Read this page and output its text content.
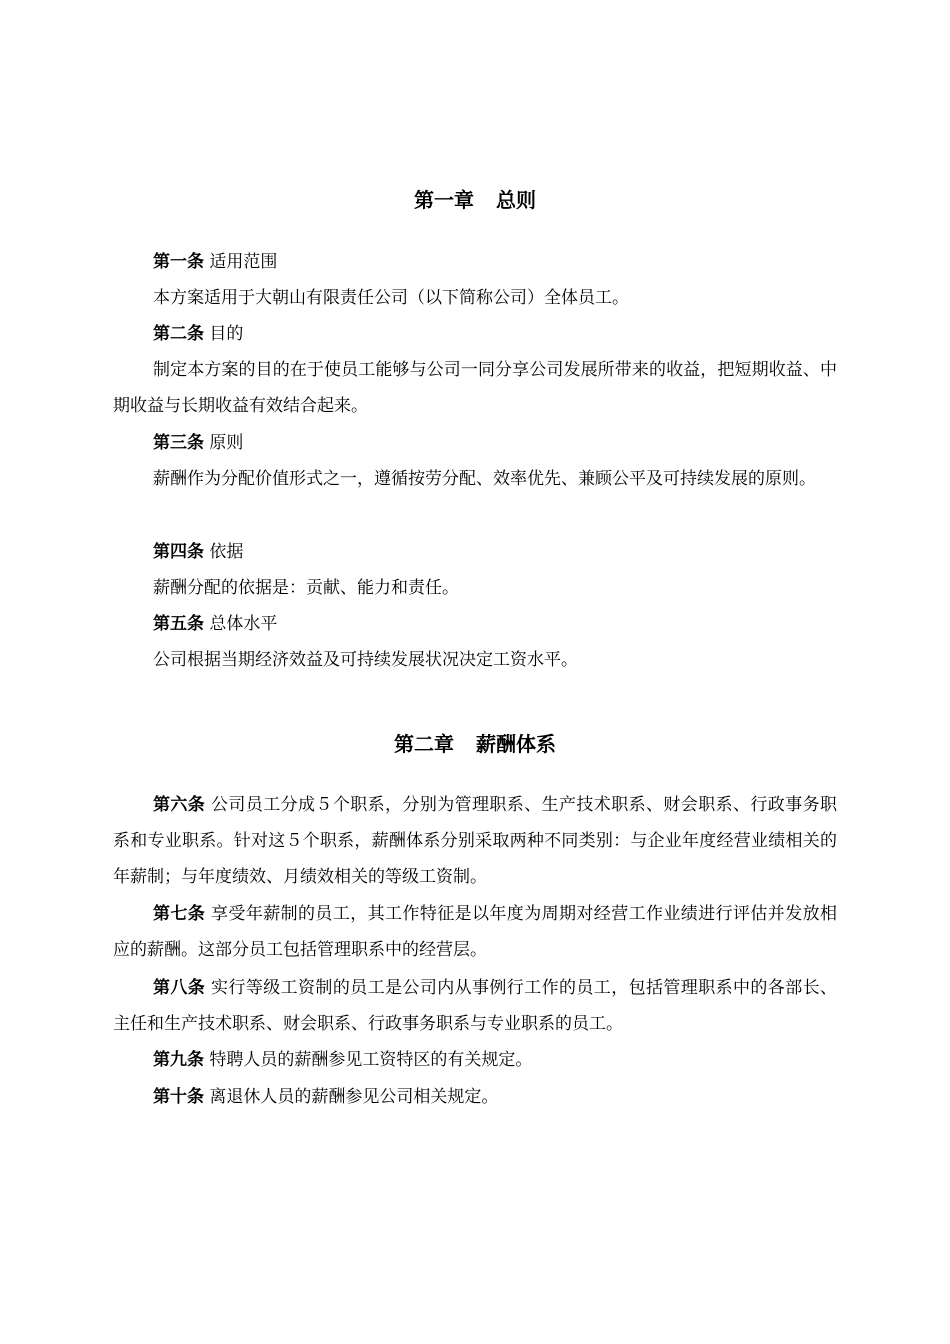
第一章 总则
第一条 适用范围
本方案适用于大朝山有限责任公司（以下简称公司）全体员工。
第二条 目的
制定本方案的目的在于使员工能够与公司一同分享公司发展所带来的收益，把短期收益、中期收益与长期收益有效结合起来。
第三条 原则
薪酬作为分配价值形式之一，遵循按劳分配、效率优先、兼顾公平及可持续发展的原则。
第四条 依据
薪酬分配的依据是：贡献、能力和责任。
第五条 总体水平
公司根据当期经济效益及可持续发展状况决定工资水平。
第二章 薪酬体系
第六条 公司员工分成５个职系，分别为管理职系、生产技术职系、财会职系、行政事务职系和专业职系。针对这５个职系，薪酬体系分别采取两种不同类别：与企业年度经营业绩相关的年薪制；与年度绩效、月绩效相关的等级工资制。
第七条 享受年薪制的员工，其工作特征是以年度为周期对经营工作业绩进行评估并发放相应的薪酬。这部分员工包括管理职系中的经营层。
第八条 实行等级工资制的员工是公司内从事例行工作的员工，包括管理职系中的各部长、主任和生产技术职系、财会职系、行政事务职系与专业职系的员工。
第九条 特聘人员的薪酬参见工资特区的有关规定。
第十条 离退休人员的薪酬参见公司相关规定。
